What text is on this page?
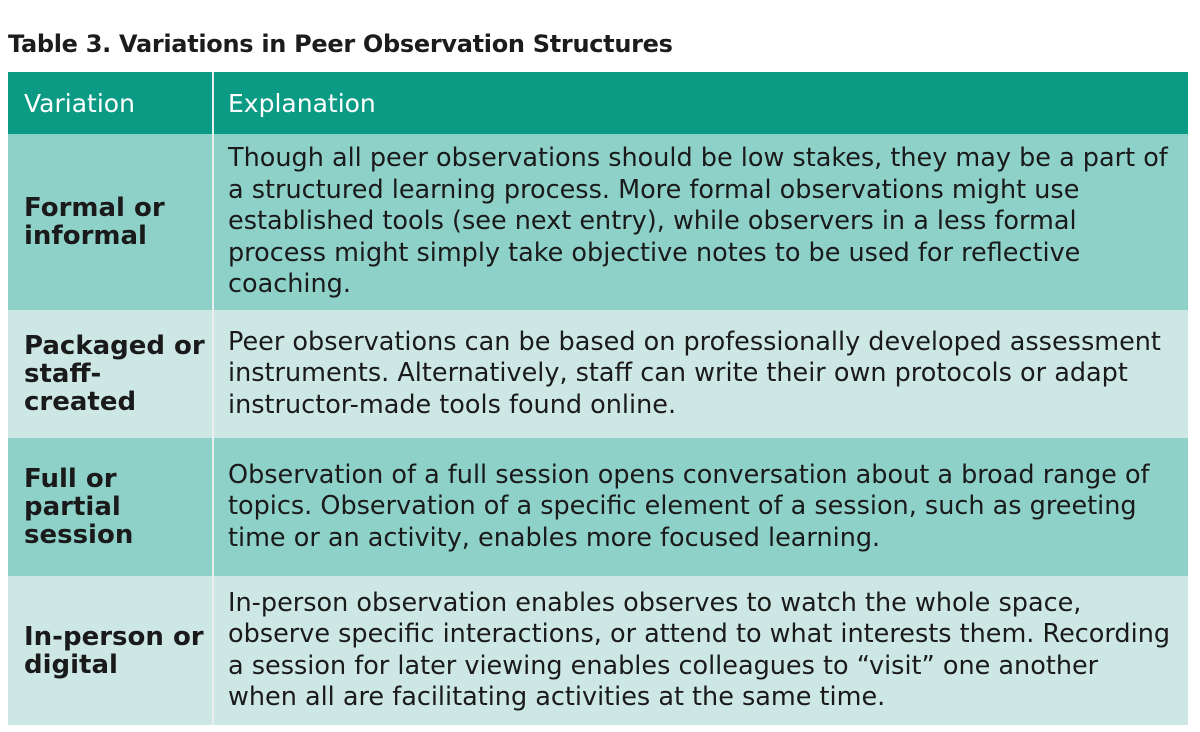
Table 3. Variations in Peer Observation Structures
Variation	Explanation
Formal or
informal
Though all peer observations should be low stakes, they may be a part of a structured learning process. More formal observations might use established tools (see next entry), while observers in a less formal process might simply take objective notes to be used for reflective coaching.
Packaged or
staff-created
Peer observations can be based on professionally developed assessment instruments. Alternatively, staff can write their own protocols or adapt instructor-made tools found online.
Full or partial
session
Observation of a full session opens conversation about a broad range of topics. Observation of a specific element of a session, such as greeting time or an activity, enables more focused learning.
In-person or
digital
In-person observation enables observes to watch the whole space, observe specific interactions, or attend to what interests them. Recording a session for later viewing enables colleagues to “visit” one another when all are facilitating activities at the same time.
